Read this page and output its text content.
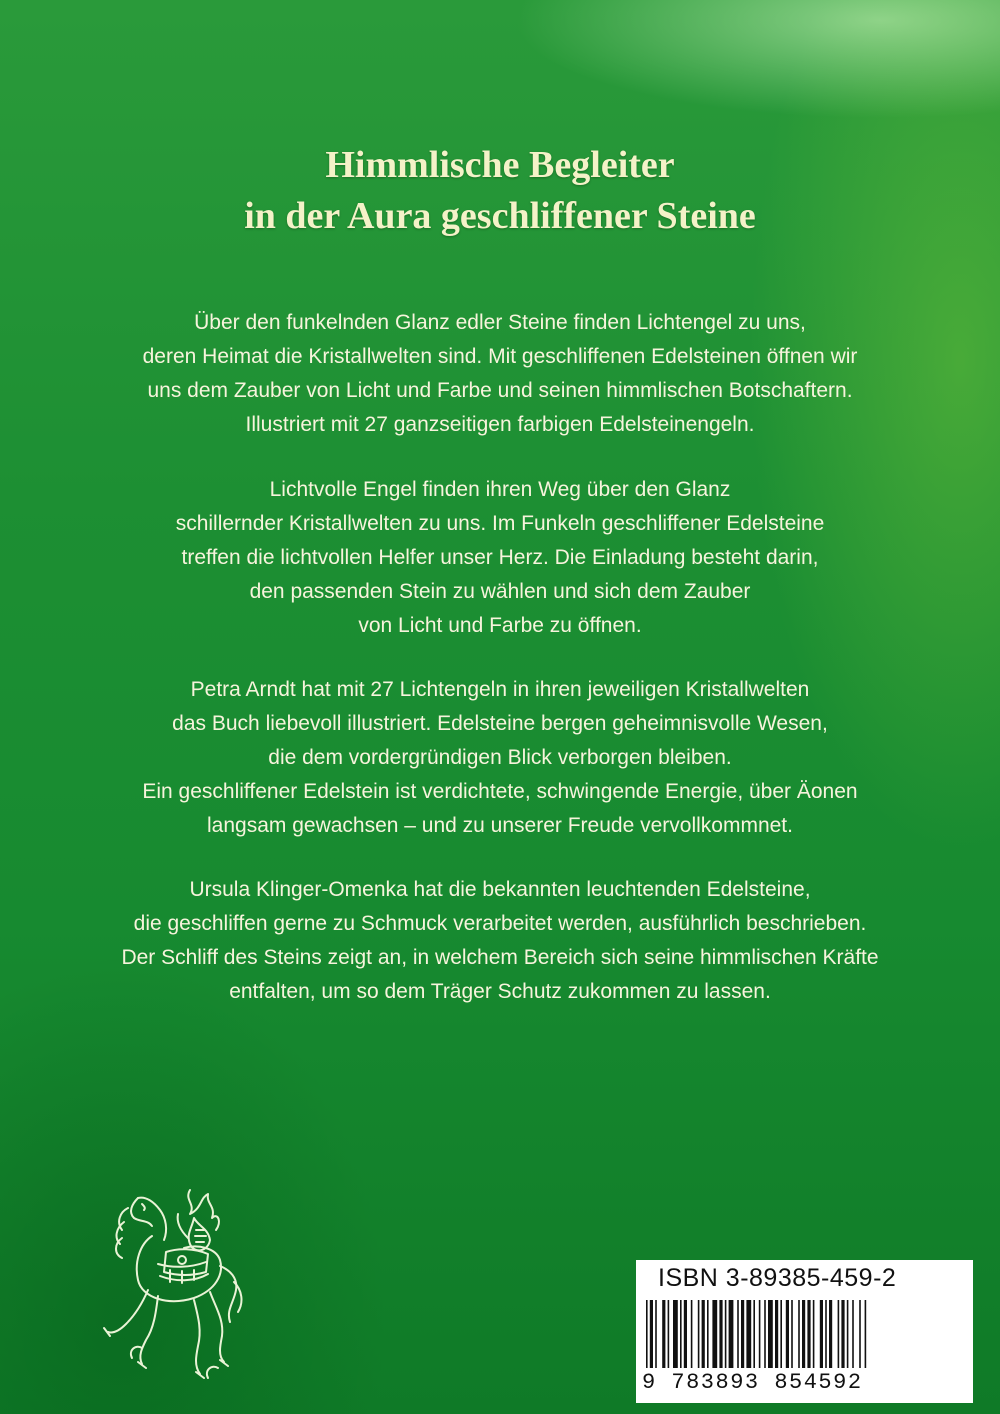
Himmlische Begleiter
in der Aura geschliffener Steine
Über den funkelnden Glanz edler Steine finden Lichtengel zu uns,
deren Heimat die Kristallwelten sind. Mit geschliffenen Edelsteinen öffnen wir
uns dem Zauber von Licht und Farbe und seinen himmlischen Botschaftern.
Illustriert mit 27 ganzseitigen farbigen Edelsteinengeln.
Lichtvolle Engel finden ihren Weg über den Glanz
schillernder Kristallwelten zu uns. Im Funkeln geschliffener Edelsteine
treffen die lichtvollen Helfer unser Herz. Die Einladung besteht darin,
den passenden Stein zu wählen und sich dem Zauber
von Licht und Farbe zu öffnen.
Petra Arndt hat mit 27 Lichtengeln in ihren jeweiligen Kristallwelten
das Buch liebevoll illustriert. Edelsteine bergen geheimnisvolle Wesen,
die dem vordergründigen Blick verborgen bleiben.
Ein geschliffener Edelstein ist verdichtete, schwingende Energie, über Äonen
langsam gewachsen – und zu unserer Freude vervollkommnet.
Ursula Klinger-Omenka hat die bekannten leuchtenden Edelsteine,
die geschliffen gerne zu Schmuck verarbeitet werden, ausführlich beschrieben.
Der Schliff des Steins zeigt an, in welchem Bereich sich seine himmlischen Kräfte
entfalten, um so dem Träger Schutz zukommen zu lassen.
ISBN 3-89385-459-2
9 783893 854592
